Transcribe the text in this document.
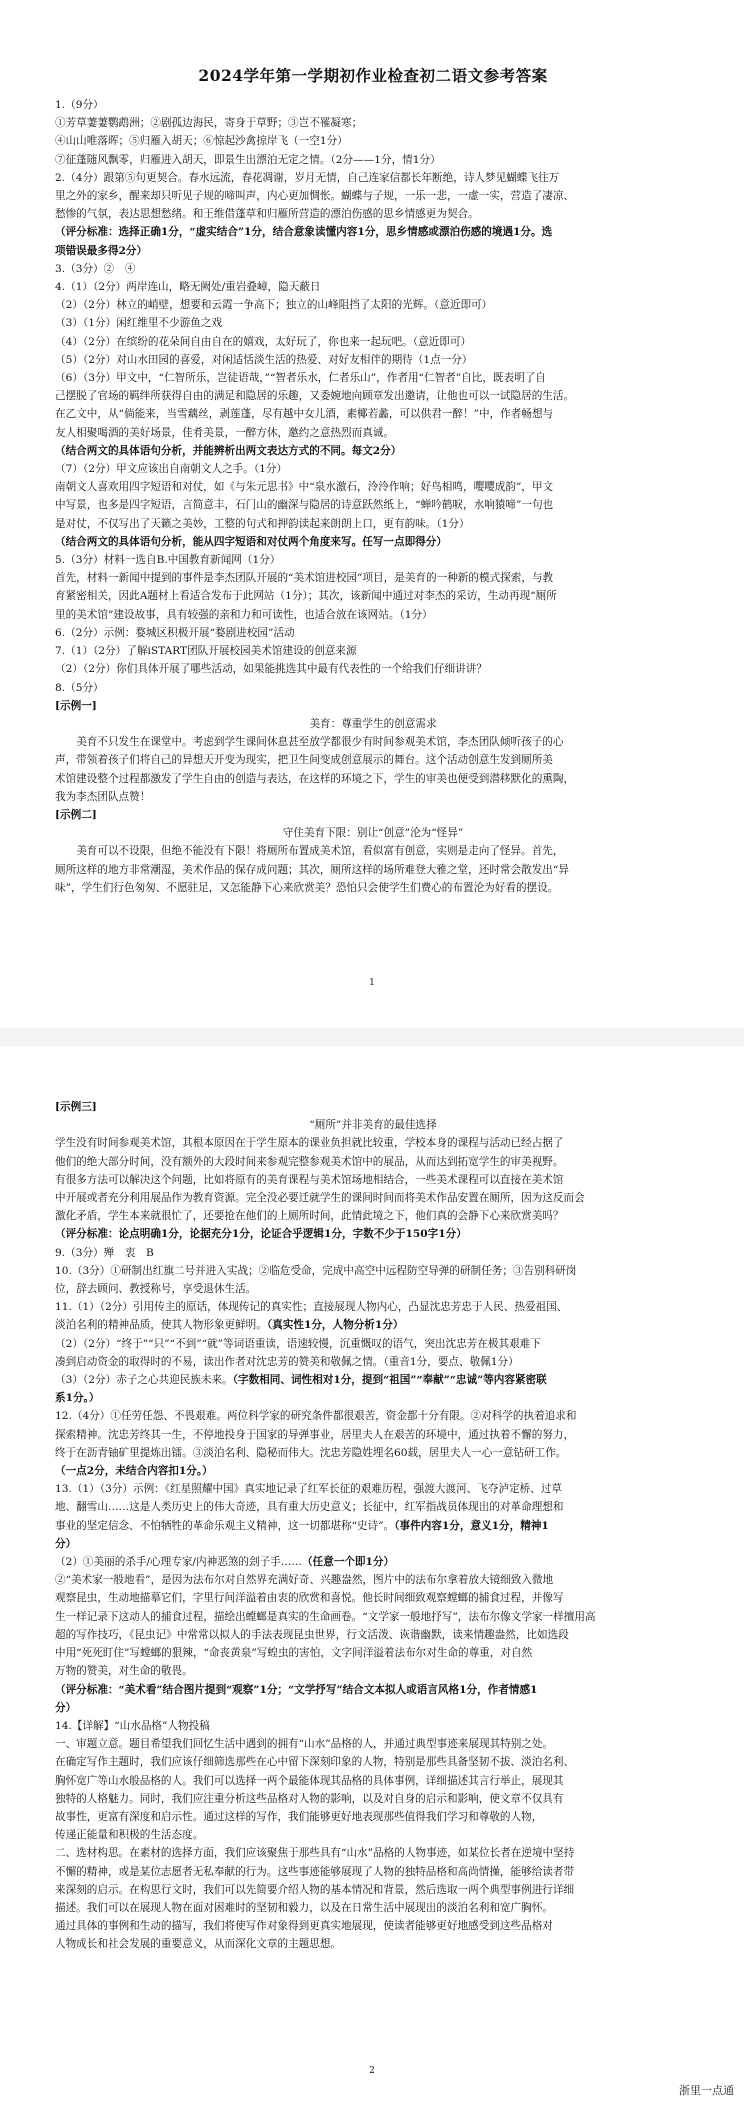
2024学年第一学期初作业检查初二语文参考答案

1.（9分）

①芳草萋萋鹦鹉洲；②剧孤边海民，寄身于草野；③岂不罹凝寒；

④山山唯落晖；⑤归雁入胡天；⑥惊起沙禽掠岸飞（一空1分）

⑦征蓬随风飘零，归雁进入胡天，即景生出漂泊无定之情。（2分——1分，情1分）

2.（4分）跟第⑤句更契合。春水远流，春花凋谢，岁月无情，自己连家信都长年断绝，诗人梦见蝴蝶飞往万

里之外的家乡，醒来却只听见子规的啼叫声，内心更加惆怅。蝴蝶与子规，一乐一悲，一虚一实，营造了凄凉、

愁惨的气氛，表达思想愁绪。和王维借蓬草和归雁所营造的漂泊伤感的思乡情感更为契合。

（评分标准：选择正确1分，“虚实结合”1分，结合意象读懂内容1分，思乡情感或漂泊伤感的境遇1分。选

项错误最多得2分）

3.（3分）②　④

4.（1）（2分）两岸连山，略无阙处/重岩叠嶂，隐天蔽日

（2）（2分）林立的峭壁，想要和云霞一争高下；独立的山峰阻挡了太阳的光辉。（意近即可）

（3）（1分）闲红维里不少游鱼之戏

（4）（2分）在缤纷的花朵间自由自在的嬉戏，太好玩了，你也来一起玩吧。（意近即可）

（5）（2分）对山水田园的喜爱，对闲适恬淡生活的热爱、对好友相伴的期待（1点一分）

（6）（3分）甲文中，“仁智所乐，岂徒语哉，”“智者乐水，仁者乐山”，作者用“仁智者”自比，既表明了自

己摆脱了官场的羁绊所获得自由的满足和隐居的乐趣，又委婉地向顾章发出邀请，让他也可以一试隐居的生活。

在乙文中，从“倘能来，当雪藕丝，剥莲蓬，尽有越中女儿酒，素椰若蠡，可以供君一醉！”中，作者畅想与

友人相聚喝酒的美好场景，佳肴美景，一醉方休，邀约之意热烈而真诚。

（结合两文的具体语句分析，并能辨析出两文表达方式的不同。每文2分）

（7）（2分）甲文应该出自南朝文人之手。（1分）

南朝文人喜欢用四字短语和对仗，如《与朱元思书》中“泉水激石，泠泠作响；好鸟相鸣，嘤嘤成韵”，甲文

中写景，也多是四字短语，言简意丰，石门山的幽深与隐居的诗意跃然纸上，“蝉吟鹤唳，水响猿啼”一句也

是对仗，不仅写出了天籁之美妙，工整的句式和押韵读起来朗朗上口，更有韵味。（1分）

（结合两文的具体语句分析，能从四字短语和对仗两个角度来写。任写一点即得分）

5.（3分）材料一选自B.中国教育新闻网（1分）

首先，材料一新闻中提到的事件是李杰团队开展的“美术馆进校园”项目，是美育的一种新的模式探索，与教

育紧密相关，因此A题材上看适合发布于此网站（1分）；其次，该新闻中通过对李杰的采访，生动再现“厕所

里的美术馆”建设故事，具有较强的亲和力和可读性，也适合放在该网站。（1分）

6.（2分）示例：婺城区积极开展“婺剧进校园”活动

7.（1）（2分）了解iSTART团队开展校园美术馆建设的创意来源

（2）（2分）你们具体开展了哪些活动，如果能挑选其中最有代表性的一个给我们仔细讲讲？

8.（5分）

[示例一]

美育：尊重学生的创意需求

美育不只发生在课堂中。考虑到学生课间休息甚至放学都很少有时间参观美术馆，李杰团队倾听孩子的心

声，带领着孩子们将自己的异想天开变为现实，把卫生间变成创意展示的舞台。这个活动创意生发到厕所美

术馆建设整个过程都激发了学生自由的创造与表达，在这样的环境之下，学生的审美也便受到潜移默化的熏陶，

我为李杰团队点赞！

[示例二]

守住美育下限：别让“创意”沦为“怪异”

美育可以不设限，但绝不能没有下限！将厕所布置成美术馆，看似富有创意，实则是走向了怪异。首先，

厕所这样的地方非常潮湿，美术作品的保存成问题；其次，厕所这样的场所难登大雅之堂，还时常会散发出“异

味”，学生们行色匆匆、不愿驻足，又怎能静下心来欣赏美？恐怕只会使学生们费心的布置沦为好看的摆设。

1

[示例三]

“厕所”并非美育的最佳选择

学生没有时间参观美术馆，其根本原因在于学生原本的课业负担就比较重，学校本身的课程与活动已经占据了

他们的绝大部分时间，没有额外的大段时间来参观完整参观美术馆中的展品，从而达到拓宽学生的审美视野。

有很多方法可以解决这个问题，比如将原有的美育课程与美术馆场地相结合，一些美术课程可以直接在美术馆

中开展或者充分利用展品作为教育资源。完全没必要迁就学生的课间时间而将美术作品安置在厕所，因为这反而会

激化矛盾，学生本来就很忙了，还要抢在他们的上厕所时间，此情此境之下，他们真的会静下心来欣赏美吗？

（评分标准：论点明确1分，论据充分1分，论证合乎逻辑1分，字数不少于150字1分）

9.（3分）殚　衷　B

10.（3分）①研制出红旗二号并进入实战；②临危受命，完成中高空中远程防空导弹的研制任务；③告别科研岗

位，辞去顾问、教授称号，享受退休生活。

11.（1）（2分）引用传主的原话，体现传记的真实性；直接展现人物内心，凸显沈忠芳忠于人民、热爱祖国、

淡泊名利的精神品质，使其人物形象更鲜明。（真实性1分，人物分析1分）

（2）（2分）“终于”“只”“不到”“就”等词语重读，语速较慢，沉重慨叹的语气，突出沈忠芳在极其艰难下

凑到启动资金的取得时的不易，读出作者对沈忠芳的赞美和敬佩之情。（重音1分，要点、敬佩1分）

（3）（2分）赤子之心共迎民族未来。（字数相同、词性相对1分，提到“祖国”“奉献”“忠诚”等内容紧密联

系1分。）

12.（4分）①任劳任怨、不畏艰难。两位科学家的研究条件都很艰苦，资金都十分有限。②对科学的执着追求和

探索精神。沈忠芳终其一生，不停地投身于国家的导弹事业，居里夫人在艰苦的环境中，通过执着不懈的努力，

终于在沥青铀矿里提炼出镭。③淡泊名利、隐秘而伟大。沈忠芳隐姓埋名60载，居里夫人一心一意钻研工作。

（一点2分，未结合内容扣1分。）

13.（1）（3分）示例：《红星照耀中国》真实地记录了红军长征的艰难历程，强渡大渡河、飞夺泸定桥、过草

地、翻雪山……这是人类历史上的伟大奇迹，具有重大历史意义；长征中，红军指战员体现出的对革命理想和

事业的坚定信念、不怕牺牲的革命乐观主义精神，这一切都堪称“史诗”。（事件内容1分，意义1分，精神1

分）

（2）①美丽的杀手/心理专家/内神恶煞的刽子手……（任意一个即1分）

②“美术家一般地看”，是因为法布尔对自然界充满好奇、兴趣盎然，图片中的法布尔拿着放大镜细致入微地

观察昆虫，生动地描摹它们，字里行间洋溢着由衷的欣赏和喜悦。他长时间细致观察螳螂的捕食过程，并像写

生一样记录下这动人的捕食过程，描绘出螳螂是真实的生命画卷。“文学家一般地抒写”，法布尔像文学家一样擅用高

超的写作技巧，《昆虫记》中常常以拟人的手法表现昆虫世界，行文活泼、诙谐幽默，读来情趣盎然，比如选段

中用“死死盯住”写螳螂的狠辣，“命丧黄泉”写蝗虫的害怕，文字间洋溢着法布尔对生命的尊重，对自然

万物的赞美，对生命的敬畏。

（评分标准：“美术看”结合图片提到“观察”1分；“文学抒写”结合文本拟人或语言风格1分，作者情感1

分）

14.【详解】“山水品格”人物投稿

一、审题立意。题目希望我们回忆生活中遇到的拥有“山水”品格的人，并通过典型事迹来展现其特别之处。

在确定写作主题时，我们应该仔细筛选那些在心中留下深刻印象的人物，特别是那些具备坚韧不拔、淡泊名利、

胸怀宽广等山水般品格的人。我们可以选择一两个最能体现其品格的具体事例，详细描述其言行举止，展现其

独特的人格魅力。同时，我们应注重分析这些品格对人物的影响，以及对自身的启示和影响，使文章不仅具有

故事性，更富有深度和启示性。通过这样的写作，我们能够更好地表现那些值得我们学习和尊敬的人物，

传递正能量和积极的生活态度。

二、选材构思。在素材的选择方面，我们应该聚焦于那些具有“山水”品格的人物事迹，如某位长者在逆境中坚持

不懈的精神，或是某位志愿者无私奉献的行为。这些事迹能够展现了人物的独特品格和高尚情操，能够给读者带

来深刻的启示。在构思行文时，我们可以先简要介绍人物的基本情况和背景，然后选取一两个典型事例进行详细

描述。我们可以在展现人物在面对困难时的坚韧和毅力，以及在日常生活中展现出的淡泊名利和宽广胸怀。

通过具体的事例和生动的描写，我们将使写作对象得到更真实地展现，使读者能够更好地感受到这些品格对

人物成长和社会发展的重要意义，从而深化文章的主题思想。

2
浙里一点通
